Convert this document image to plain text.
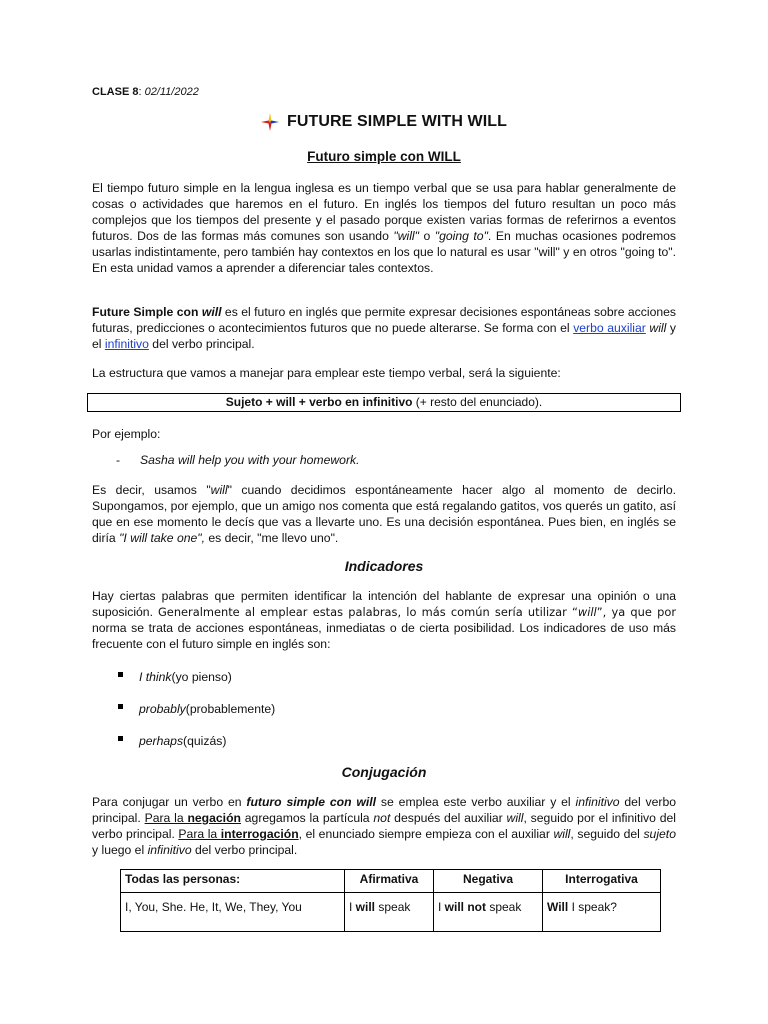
CLASE 8: 02/11/2022
FUTURE SIMPLE WITH WILL
Futuro simple con WILL

El tiempo futuro simple en la lengua inglesa es un tiempo verbal que se usa para hablar generalmente de cosas o actividades que haremos en el futuro. En inglés los tiempos del futuro resultan un poco más complejos que los tiempos del presente y el pasado porque existen varias formas de referirnos a eventos futuros. Dos de las formas más comunes son usando "will" o "going to". En muchas ocasiones podremos usarlas indistintamente, pero también hay contextos en los que lo natural es usar "will" y en otros "going to". En esta unidad vamos a aprender a diferenciar tales contextos.

Future Simple con will es el futuro en inglés que permite expresar decisiones espontáneas sobre acciones futuras, predicciones o acontecimientos futuros que no puede alterarse. Se forma con el verbo auxiliar will y el infinitivo del verbo principal.

La estructura que vamos a manejar para emplear este tiempo verbal, será la siguiente:

Sujeto + will + verbo en infinitivo (+ resto del enunciado).

Por ejemplo:

- Sasha will help you with your homework.

Es decir, usamos "will" cuando decidimos espontáneamente hacer algo al momento de decirlo. Supongamos, por ejemplo, que un amigo nos comenta que está regalando gatitos, vos querés un gatito, así que en ese momento le decís que vas a llevarte uno. Es una decisión espontánea. Pues bien, en inglés se diría "I will take one", es decir, "me llevo uno".

Indicadores

Hay ciertas palabras que permiten identificar la intención del hablante de expresar una opinión o una suposición. Generalmente al emplear estas palabras, lo más común sería utilizar “will”, ya que por norma se trata de acciones espontáneas, inmediatas o de cierta posibilidad. Los indicadores de uso más frecuente con el futuro simple en inglés son:

I think (yo pienso)
probably (probablemente)
perhaps (quizás)
Conjugación

Para conjugar un verbo en futuro simple con will se emplea este verbo auxiliar y el infinitivo del verbo principal. Para la negación agregamos la partícula not después del auxiliar will, seguido por el infinitivo del verbo principal. Para la interrogación, el enunciado siempre empieza con el auxiliar will, seguido del sujeto y luego el infinitivo del verbo principal.

Todas las personas:	Afirmativa	Negativa	Interrogativa
I, You, She. He, It, We, They, You	I will speak	I will not speak	Will I speak?
